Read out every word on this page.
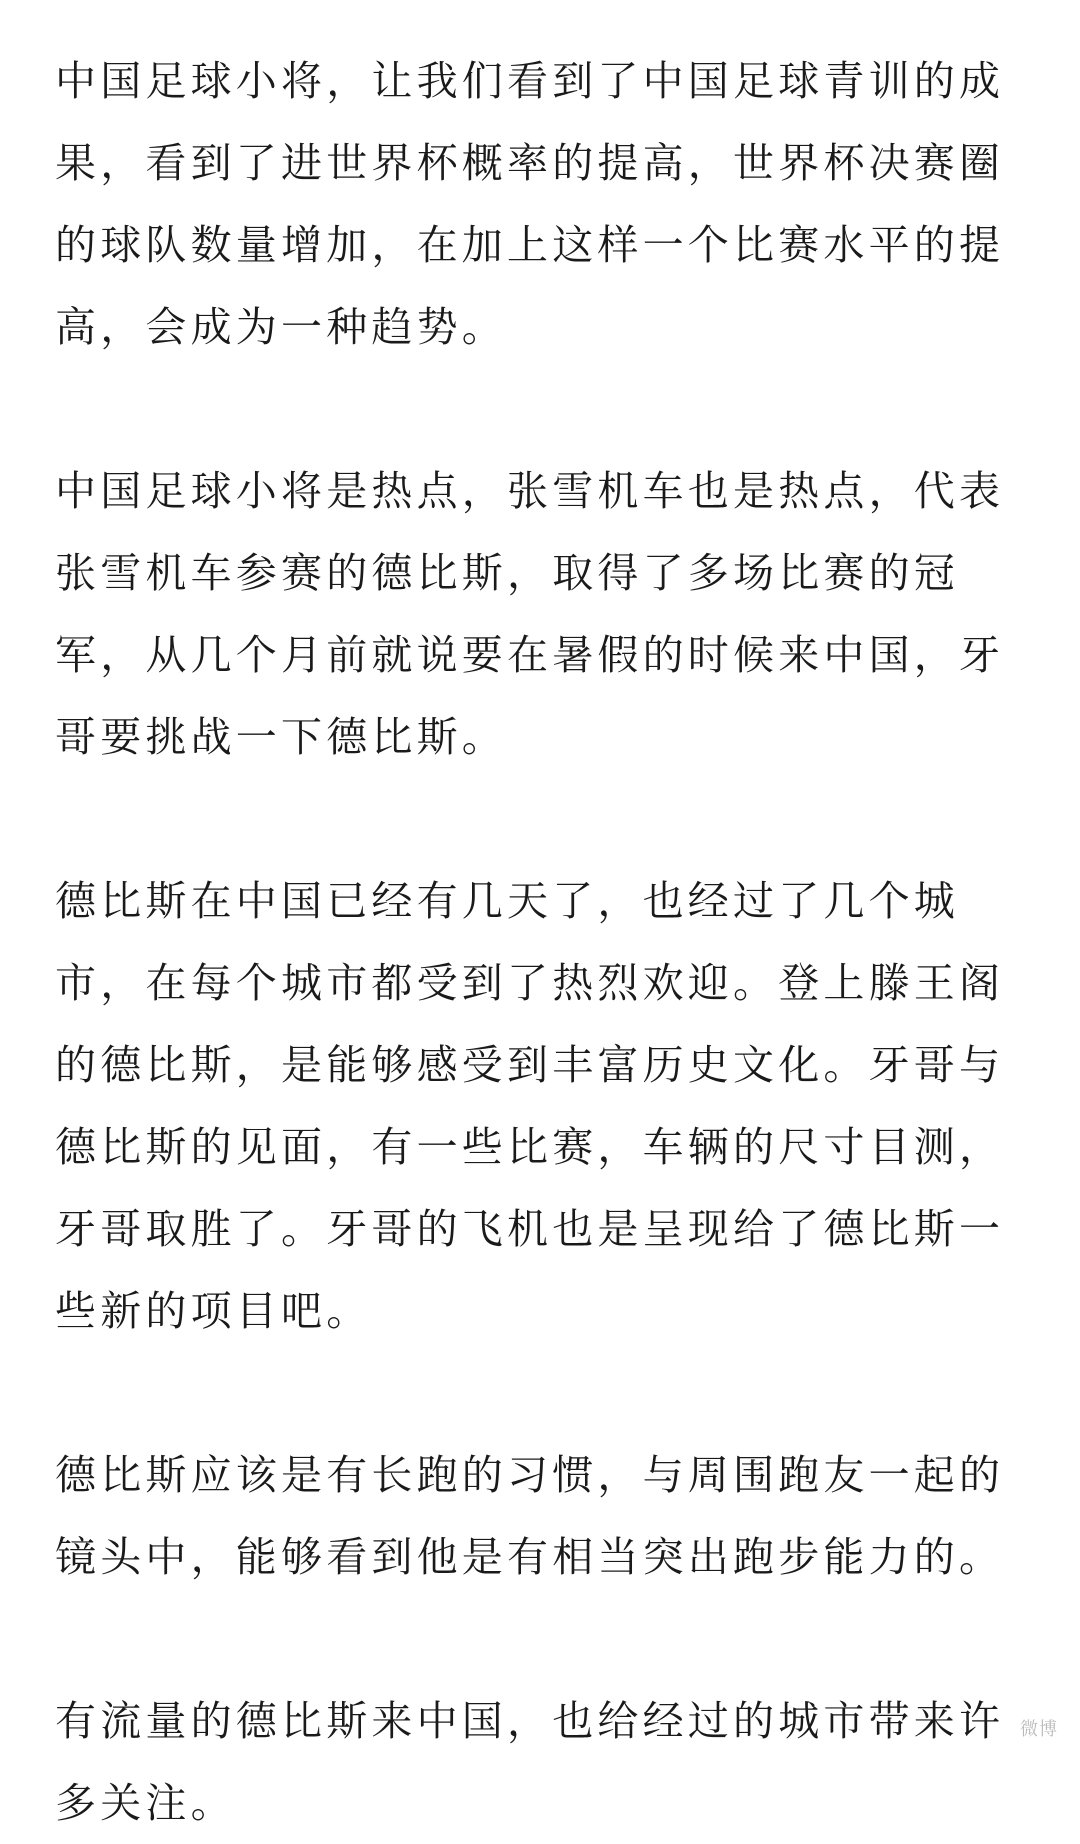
中国足球小将，让我们看到了中国足球青训的成
果，看到了进世界杯概率的提高，世界杯决赛圈
的球队数量增加，在加上这样一个比赛水平的提
高，会成为一种趋势。

中国足球小将是热点，张雪机车也是热点，代表
张雪机车参赛的德比斯，取得了多场比赛的冠
军，从几个月前就说要在暑假的时候来中国，牙
哥要挑战一下德比斯。

德比斯在中国已经有几天了，也经过了几个城
市，在每个城市都受到了热烈欢迎。登上滕王阁
的德比斯，是能够感受到丰富历史文化。牙哥与
德比斯的见面，有一些比赛，车辆的尺寸目测，
牙哥取胜了。牙哥的飞机也是呈现给了德比斯一
些新的项目吧。

德比斯应该是有长跑的习惯，与周围跑友一起的
镜头中，能够看到他是有相当突出跑步能力的。

有流量的德比斯来中国，也给经过的城市带来许
多关注。

微博
